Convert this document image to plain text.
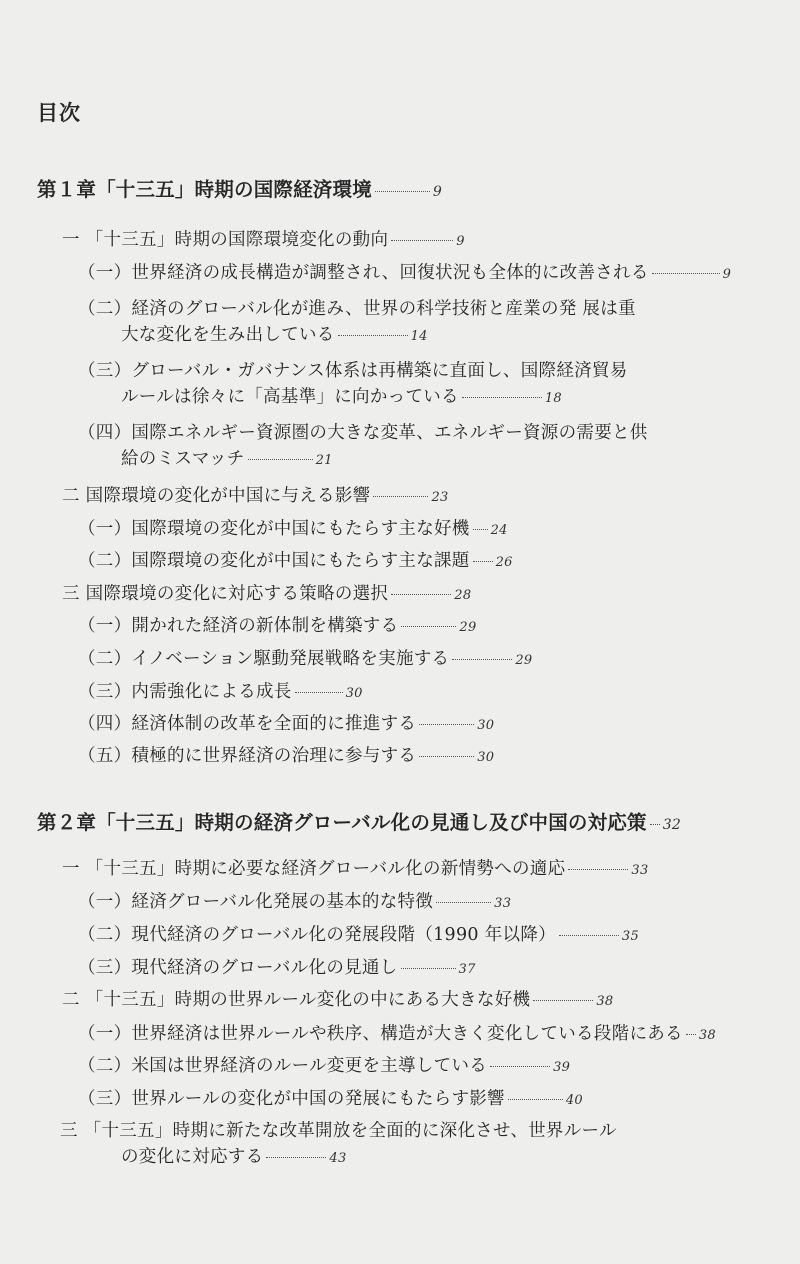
目次
第１章「十三五」時期の国際経済環境	9
一 「十三五」時期の国際環境変化の動向	9
（一）世界経済の成長構造が調整され、回復状況も全体的に改善される	9
（二）経済のグローバル化が進み、世界の科学技術と産業の発 展は重
大な変化を生み出している	14
（三）グローバル・ガバナンス体系は再構築に直面し、国際経済貿易
ルールは徐々に「高基準」に向かっている	18
（四）国際エネルギー資源圏の大きな変革、エネルギー資源の需要と供
給のミスマッチ	21
二 国際環境の変化が中国に与える影響	23
（一）国際環境の変化が中国にもたらす主な好機 24
（二）国際環境の変化が中国にもたらす主な課題 26
三 国際環境の変化に対応する策略の選択	28
（一）開かれた経済の新体制を構築する	29
（二）イノベーション駆動発展戦略を実施する	29
（三）内需強化による成長	30
（四）経済体制の改革を全面的に推進する	30
（五）積極的に世界経済の治理に参与する	30
第２章「十三五」時期の経済グローバル化の見通し及び中国の対応策 32
一 「十三五」時期に必要な経済グローバル化の新情勢への適応	33
（一）経済グローバル化発展の基本的な特徴	33
（二）現代経済のグローバル化の発展段階（1990 年以降）	35
（三）現代経済のグローバル化の見通し	37
二 「十三五」時期の世界ルール変化の中にある大きな好機	38
（一）世界経済は世界ルールや秩序、構造が大きく変化している段階にある 38
（二）米国は世界経済のルール変更を主導している	39
（三）世界ルールの変化が中国の発展にもたらす影響	40
三 「十三五」時期に新たな改革開放を全面的に深化させ、世界ルール
の変化に対応する	43
